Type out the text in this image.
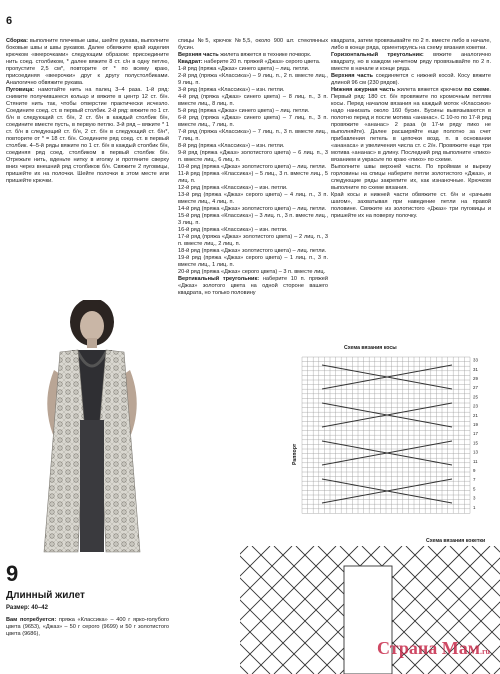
6

Сборка: выполните плечевые швы, шейте рукава, выполните боковые швы и швы рукавов. Далее обвяжите край изделия крючком «веерочками» следующим образом: присоедините нить соед. столбиком, * далее вяжите 8 ст. с/н в одну петлю, пропустите 2,5 см*, повторите от * по всему краю, присоединяя «веерочки» друг к другу полустолбиками. Аналогично обвяжите рукава.

Пуговица: намотайте нить на палец 3–4 раза. 1-й ряд: снимите получившееся кольцо и вяжите в центр 12 ст. б/н. Стяните нить так, чтобы отверстие практически исчезло. Соедините соед. ст. в первый столбик. 2-й ряд: вяжите по 1 ст. б/н в следующий ст. б/н, 2 ст. б/н в каждый столбик б/н, соедините вместе пусть, в первую петлю. 3-й ряд – вяжите * 1 ст. б/н в следующий ст. б/н, 2 ст. б/н в следующий ст. б/н*, повторите от * = 18 ст. б/н. Соедините ряд соед. ст. в первый столбик. 4–5-й ряды вяжите по 1 ст. б/н в каждый столбик б/н, соединяя ряд соед. столбиком в первый столбик б/н. Отрежьте нить, вденьте нитку в иголку и протяните сверху вниз через внешний ряд столбиков б/н. Свяжите 2 пуговицы, пришейте их на полочки. Шейте полочки в этом месте или пришейте крючки.

спицы №5, крючок №5,5, около 900 шт. стеклянных бусин.

Верхняя часть жилета вяжется в технике почворк.

Квадрат: наберите 20 п. пряжей «Джаз» серого цвета.

1-й ряд (пряжа «Джаз» синего цвета) – лиц. петли.

2-й ряд (пряжа «Классика») – 9 лиц. п., 2 п. вместе лиц., 9 лиц. п.

3-й ряд (пряжа «Классика») – изн. петли.

4-й ряд (пряжа «Джаз» синего цвета) – 8 лиц. п., 3 п. вместе лиц., 8 лиц. п.

5-й ряд (пряжа «Джаз» синего цвета) – лиц. петли.

6-й ряд (пряжа «Джаз» синего цвета) – 7 лиц. п., 3 п. вместе лиц., 7 лиц. п.

7-й ряд (пряжа «Классика») – 7 лиц. п., 3 п. вместе лиц., 7 лиц. п.

8-й ряд (пряжа «Классика») – изн. петли.

9-й ряд (пряжа «Джаз» золотистого цвета) – 6 лиц. п., 3 п. вместе лиц., 6 лиц. п.

10-й ряд (пряжа «Джаз» золотистого цвета) – лиц. петли.

11-й ряд (пряжа «Классика») – 5 лиц., 3 п. вместе лиц., 5 лиц. п.

12-й ряд (пряжа «Классика») – изн. петли.

13-й ряд (пряжа «Джаз» серого цвета) – 4 лиц. п., 3 п. вместе лиц., 4 лиц. п.

14-й ряд (пряжа «Джаз» золотистого цвета) – лиц. петли.

15-й ряд (пряжа «Классика») – 3 лиц. п., 3 п. вместе лиц., 3 лиц. п.

16-й ряд (пряжа «Классика») – изн. петли.

17-й ряд (пряжа «Джаз» золотистого цвета) – 2 лиц. п., 3 п. вместе лиц., 2 лиц. п.

18-й ряд (пряжа «Джаз» золотистого цвета) – лиц. петли.

19-й ряд (пряжа «Джаз» серого цвета) – 1 лиц. п., 3 п. вместе лиц., 1 лиц. п.

20-й ряд (пряжа «Джаз» серого цвета) – 3 п. вместе лиц.

Вертикальный треугольник: наберите 10 п. пряжей «Джаз» золотого цвета на одной стороне вашего квадрата, но только половину

квадрата, затем провязывайте по 2 п. вместе либо в начале, либо в конце ряда, ориентируясь на схему вязания кокетки.

Горизонтальный треугольник: вяжите аналогично квадрату, но в каждом нечетном ряду провязывайте по 2 п. вместе в начале и конце ряда.

Верхняя часть соединяется с нижней косой. Косу вяжите длиной 96 см (230 рядов).

Нижняя ажурная часть жилета вяжется крючком по схеме. Первый ряд: 180 ст. б/н провяжите по кромочным петлям косы. Перед началом вязания на каждый моток «Классики» надо нанизать около 160 бусин. Бусины вывязываются в полотно перед и после мотива «ананас». С 10-го по 17-й ряд провяжите «ананас» 2 раза (в 17-м ряду пико не выполняйте). Далее расширяйте еще полотно за счет прибавления петель в цепочки возд. п. в основании «ананаса» и увеличения числа ст. с 2/н. Провяжите еще три мотива «ананас» в длину. Последний ряд выполните «пико» вязанием и украсьте по краю «пико» по схеме.

Выполните швы верхней части. По проймам и вырезу горловины на спицы наберите петли золотистого «Джаз», и следующие ряды закрепите их, как изнаночные. Крючком выполните по схеме вязания.

Край косы и нижней части обвяжите ст. б/н и «рачьим шагом», захватывая при наведение петли на правой половине. Свяжите из золотистого «Джаз» три пуговицы и пришейте их на поверху полочку.

9
Длинный жилет
Размер: 40–42
Вам потребуется: пряжа «Классика» – 400 г ярко-голубого цвета (9653), «Джаз» – 50 г серого (9699) и 50 г золотистого цвета (9686),
Схема вязания косы
33
31
29
27
25
23
21
19
17
15
13
11
9
7
5
3
1
Раппорт
Схема вязания кокетки
Страна Мам.ru
